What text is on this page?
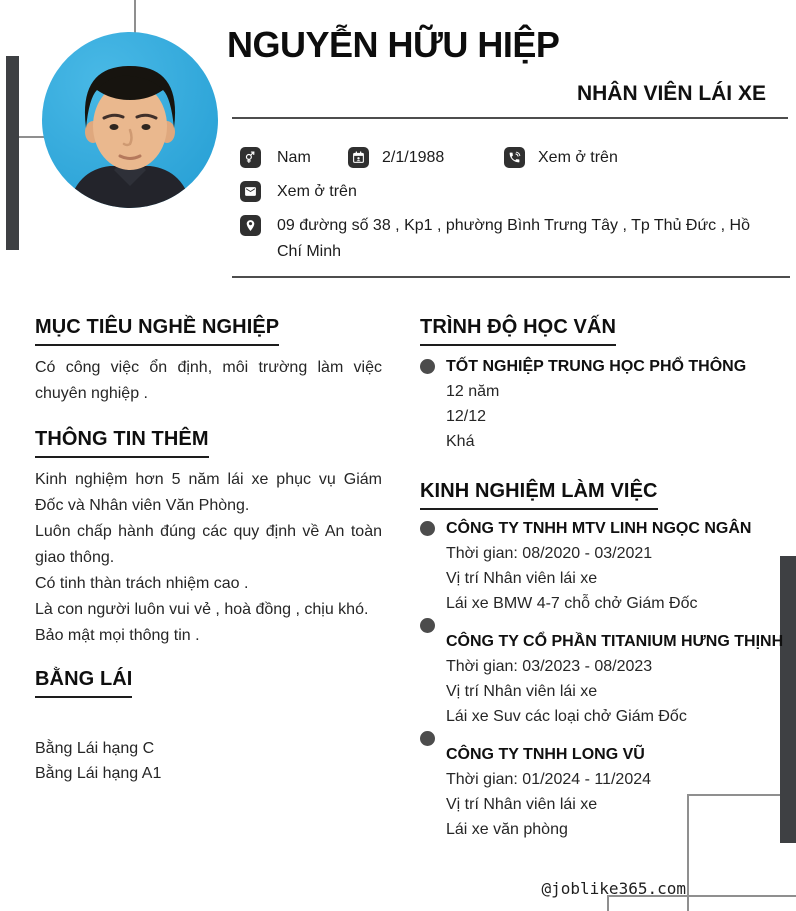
NGUYỄN HỮU HIỆP
NHÂN VIÊN LÁI XE
Nam	2/1/1988	Xem ở trên
Xem ở trên
09 đường số 38 , Kp1 , phường Bình Trưng Tây , Tp Thủ Đức , Hồ Chí Minh
MỤC TIÊU NGHỀ NGHIỆP
Có công việc ổn định, môi trường làm việc chuyên nghiệp .
THÔNG TIN THÊM

Kinh nghiệm hơn 5 năm lái xe phục vụ Giám Đốc và Nhân viên Văn Phòng.

Luôn chấp hành đúng các quy định về An toàn giao thông.

Có tinh thàn trách nhiệm cao .

Là con người luôn vui vẻ , hoà đồng , chịu khó.

Bảo mật mọi thông tin .

BẰNG LÁI
Bằng Lái hạng C
Bằng Lái hạng A1
TRÌNH ĐỘ HỌC VẤN
TỐT NGHIỆP TRUNG HỌC PHỔ THÔNG
12 năm
12/12
Khá
KINH NGHIỆM LÀM VIỆC
CÔNG TY TNHH MTV LINH NGỌC NGÂN
Thời gian: 08/2020 - 03/2021
Vị trí Nhân viên lái xe
Lái xe BMW 4-7 chỗ chở Giám Đốc
CÔNG TY CỔ PHẦN TITANIUM HƯNG THỊNH
Thời gian: 03/2023 - 08/2023
Vị trí Nhân viên lái xe
Lái xe Suv các loại chở Giám Đốc
CÔNG TY TNHH LONG VŨ
Thời gian: 01/2024 - 11/2024
Vị trí Nhân viên lái xe
Lái xe văn phòng
@joblike365.com
